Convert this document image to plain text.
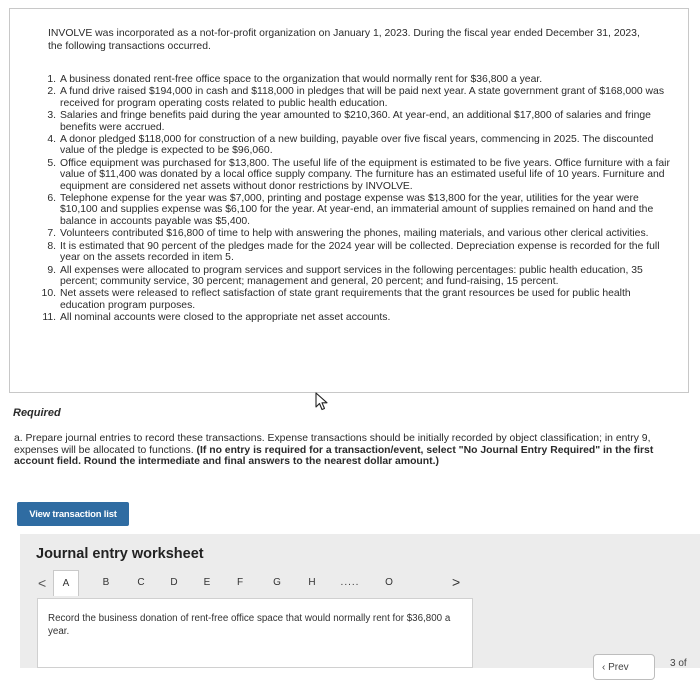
INVOLVE was incorporated as a not-for-profit organization on January 1, 2023. During the fiscal year ended December 31, 2023, the following transactions occurred.
1. A business donated rent-free office space to the organization that would normally rent for $36,800 a year.
2. A fund drive raised $194,000 in cash and $118,000 in pledges that will be paid next year. A state government grant of $168,000 was received for program operating costs related to public health education.
3. Salaries and fringe benefits paid during the year amounted to $210,360. At year-end, an additional $17,800 of salaries and fringe benefits were accrued.
4. A donor pledged $118,000 for construction of a new building, payable over five fiscal years, commencing in 2025. The discounted value of the pledge is expected to be $96,060.
5. Office equipment was purchased for $13,800. The useful life of the equipment is estimated to be five years. Office furniture with a fair value of $11,400 was donated by a local office supply company. The furniture has an estimated useful life of 10 years. Furniture and equipment are considered net assets without donor restrictions by INVOLVE.
6. Telephone expense for the year was $7,000, printing and postage expense was $13,800 for the year, utilities for the year were $10,100 and supplies expense was $6,100 for the year. At year-end, an immaterial amount of supplies remained on hand and the balance in accounts payable was $5,400.
7. Volunteers contributed $16,800 of time to help with answering the phones, mailing materials, and various other clerical activities.
8. It is estimated that 90 percent of the pledges made for the 2024 year will be collected. Depreciation expense is recorded for the full year on the assets recorded in item 5.
9. All expenses were allocated to program services and support services in the following percentages: public health education, 35 percent; community service, 30 percent; management and general, 20 percent; and fund-raising, 15 percent.
10. Net assets were released to reflect satisfaction of state grant requirements that the grant resources be used for public health education program purposes.
11. All nominal accounts were closed to the appropriate net asset accounts.
Required
a. Prepare journal entries to record these transactions. Expense transactions should be initially recorded by object classification; in entry 9, expenses will be allocated to functions. (If no entry is required for a transaction/event, select "No Journal Entry Required" in the first account field. Round the intermediate and final answers to the nearest dollar amount.)
View transaction list
Journal entry worksheet
<	A	B	C	D	E	F	G	H	.....	O	>
Record the business donation of rent-free office space that would normally rent for $36,800 a year.
‹ Prev	3 of
